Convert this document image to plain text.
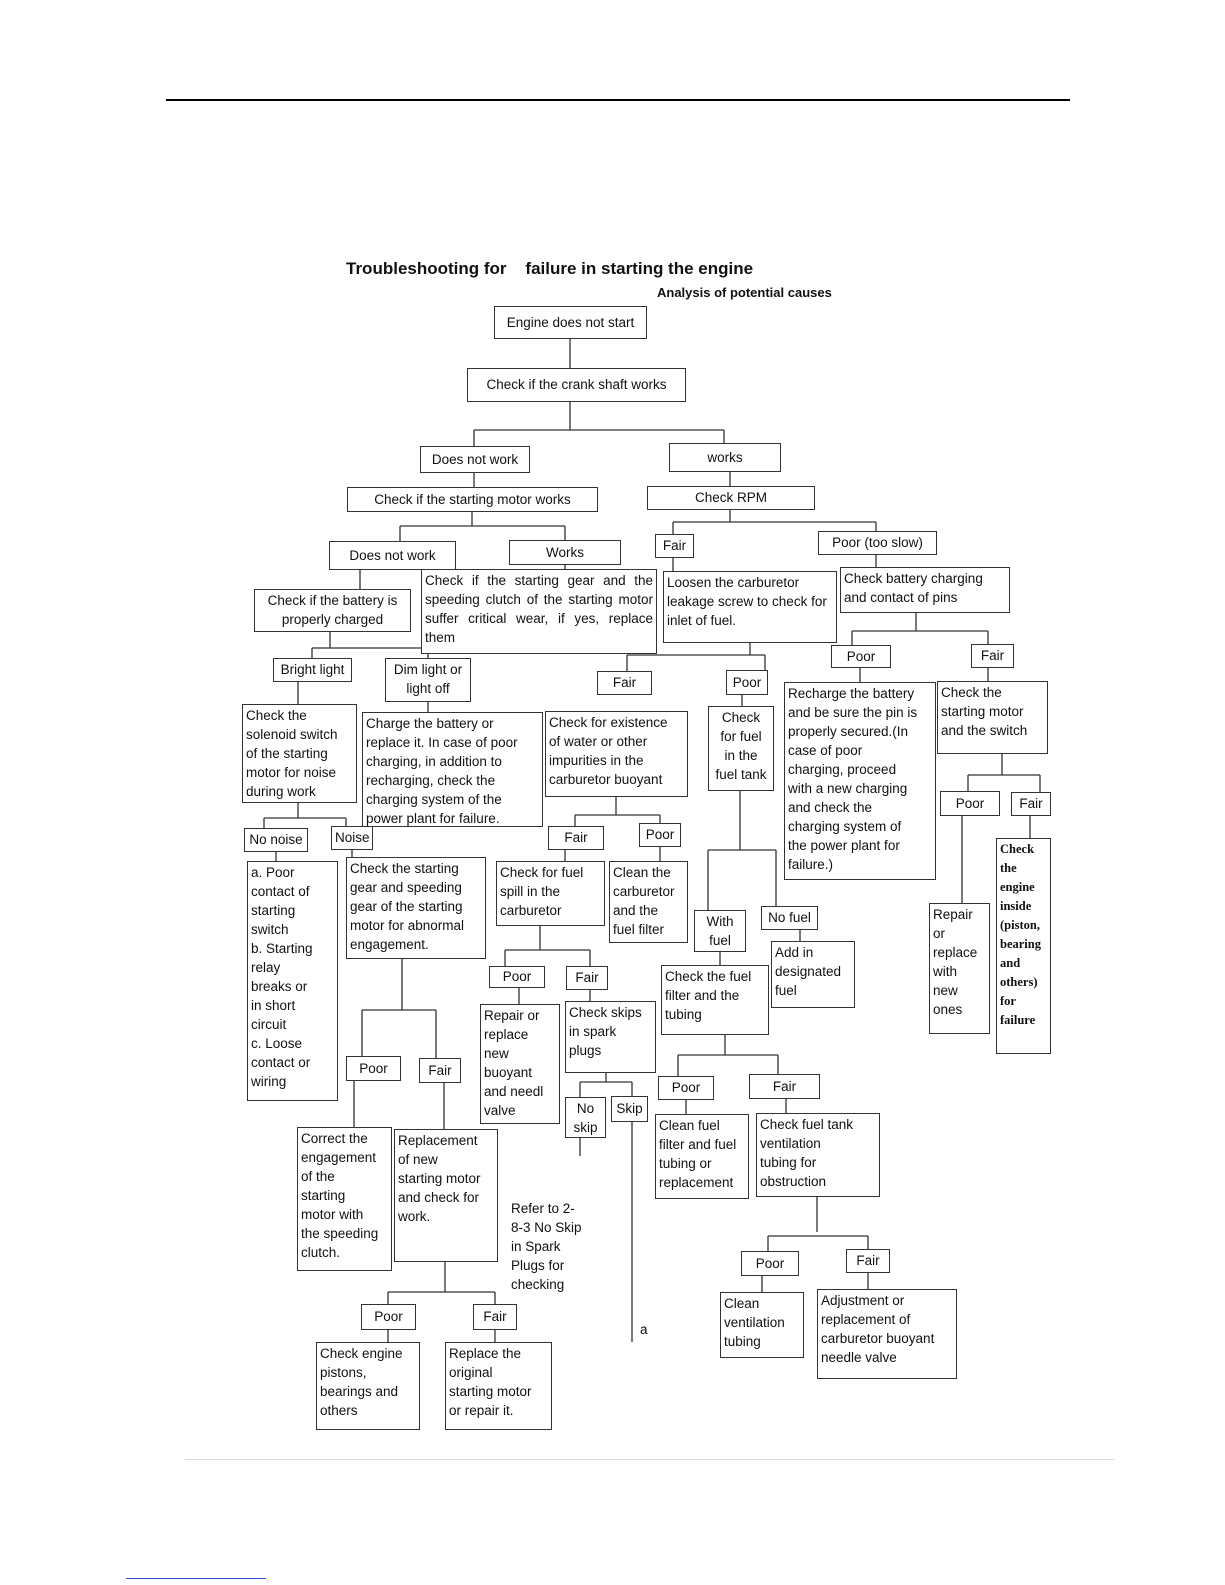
Troubleshooting for    failure in starting the engine
Analysis of potential causes
Engine does not start
Check if the crank shaft works
Does not work	works
Check if the starting motor works	Check RPM
Does not work	Works	Fair	Poor (too slow)
Check if the battery is
properly charged
Check if the starting gear and the speeding clutch of the starting motor suffer critical wear, if yes, replace them
Loosen the carburetor leakage screw to check for inlet of fuel.
Check battery charging and contact of pins
Bright light	Dim light or
light off	Fair	Poor
Poor	Fair
Check the
solenoid switch
of the starting
motor for noise
during work
Charge the battery or
replace it. In case of poor
charging, in addition to
recharging, check the
charging system of the
power plant for failure.
Check for existence
of water or other
impurities in the
carburetor buoyant
Check
for fuel
in the
fuel tank
Recharge the battery
and be sure the pin is
properly secured.(In
case of poor
charging, proceed
with a new charging
and check the
charging system of
the power plant for
failure.)
Check the
starting motor
and the switch
No noise	Noise	Fair	Poor
Poor	Fair
a. Poor
contact of
starting
switch
b. Starting
relay
breaks or
in short
circuit
c. Loose
contact or
wiring
Check the starting
gear and speeding
gear of the starting
motor for abnormal
engagement.
Check for fuel
spill in the
carburetor
Clean the
carburetor
and the
fuel filter
With
fuel
No fuel
Check
the
engine
inside
(piston,
bearing
and
others)
for
failure
Repair
or
replace
with
new
ones
Add in
designated
fuel
Poor	Fair	Check the fuel
filter and the
tubing
Repair or
replace
new
buoyant
and needl
valve
Check skips
in spark
plugs
Poor	Fair
Poor	Fair
No
skip
Skip
Correct the
engagement
of the
starting
motor with
the speeding
clutch.
Replacement
of new
starting motor
and check for
work.
Clean fuel
filter and fuel
tubing or
replacement
Check fuel tank
ventilation
tubing for
obstruction
Poor	Fair
Clean
ventilation
tubing
Adjustment or
replacement of
carburetor buoyant
needle valve
Poor	Fair
Check engine
pistons,
bearings and
others
Replace the
original
starting motor
or repair it.
Refer to 2-
8-3 No Skip
in Spark
Plugs for
checking
a
